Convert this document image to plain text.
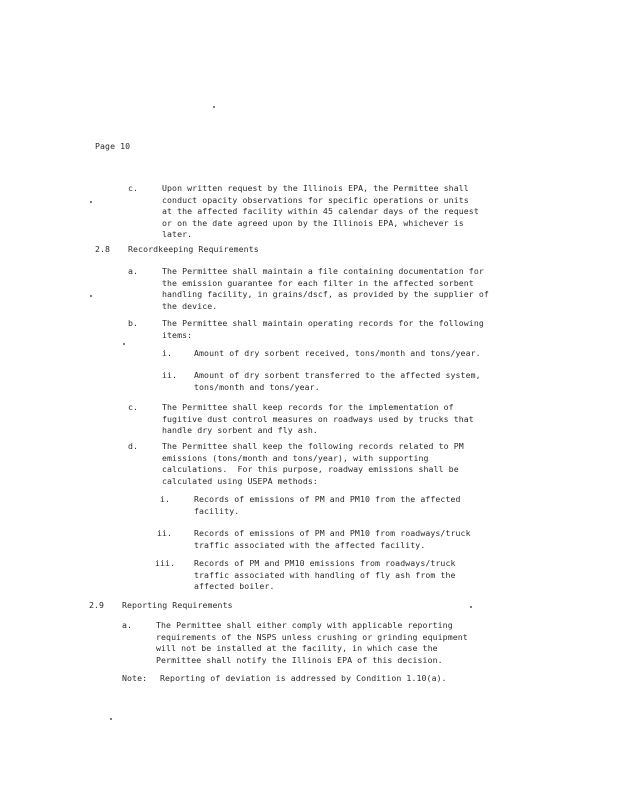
Page 10
c.	Upon written request by the Illinois EPA, the Permittee shall
conduct opacity observations for specific operations or units
at the affected facility within 45 calendar days of the request
or on the date agreed upon by the Illinois EPA, whichever is
later.
2.8 Recordkeeping Requirements
a.	The Permittee shall maintain a file containing documentation for
the emission guarantee for each filter in the affected sorbent
handling facility, in grains/dscf, as provided by the supplier of
the device.
b.	The Permittee shall maintain operating records for the following
items:
i.	Amount of dry sorbent received, tons/month and tons/year.
ii. Amount of dry sorbent transferred to the affected system,
tons/month and tons/year.
c.	The Permittee shall keep records for the implementation of
fugitive dust control measures on roadways used by trucks that
handle dry sorbent and fly ash.
d.	The Permittee shall keep the following records related to PM
emissions (tons/month and tons/year), with supporting
calculations.  For this purpose, roadway emissions shall be
calculated using USEPA methods:
i.	Records of emissions of PM and PM10 from the affected
facility.
ii.	Records of emissions of PM and PM10 from roadways/truck
traffic associated with the affected facility.
iii. Records of PM and PM10 emissions from roadways/truck
traffic associated with handling of fly ash from the
affected boiler.
2.9 Reporting Requirements
a.	The Permittee shall either comply with applicable reporting
requirements of the NSPS unless crushing or grinding equipment
will not be installed at the facility, in which case the
Permittee shall notify the Illinois EPA of this decision.
Note: Reporting of deviation is addressed by Condition 1.10(a).
